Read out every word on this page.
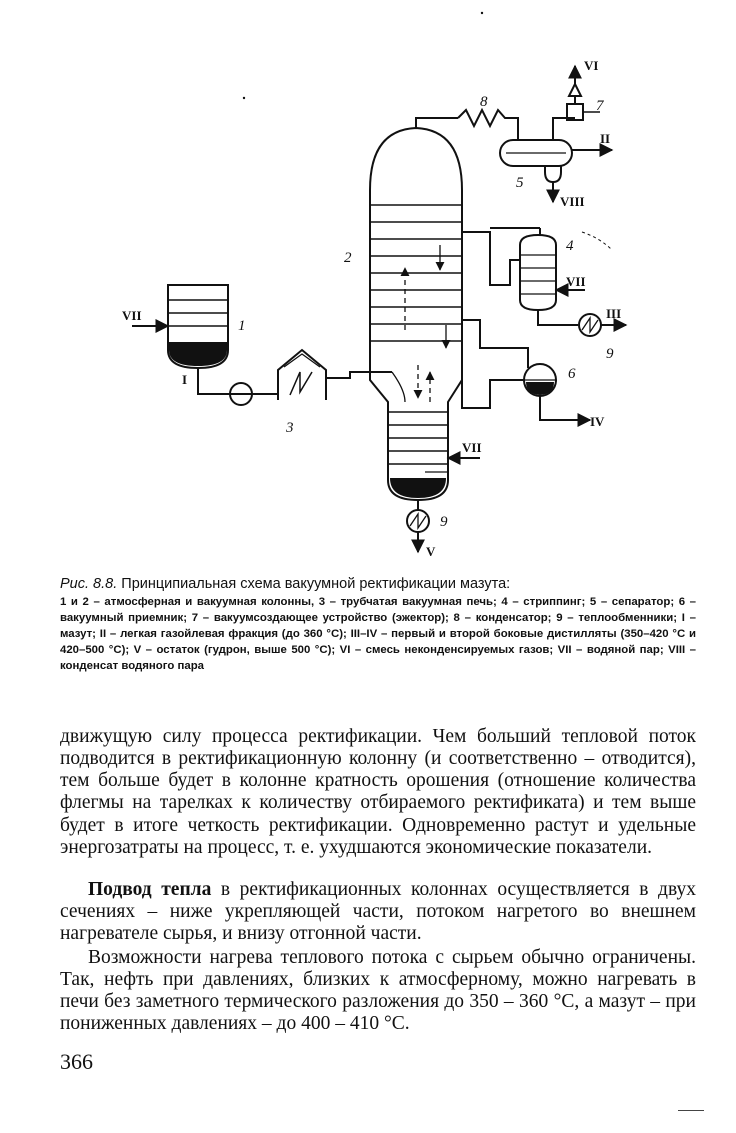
1
2
3
4
5
6
7
8
9
9
I
II
III
IV
V
VI
VII
VII
VII
VIII
Рис. 8.8. Принципиальная схема вакуумной ректификации мазута:
1 и 2 – атмосферная и вакуумная колонны, 3 – трубчатая вакуумная печь; 4 – стриппинг; 5 – сепаратор; 6 – вакуумный приемник; 7 – вакуумсоздающее устройство (эжектор); 8 – конденсатор; 9 – теплообменники; I – мазут; II – легкая газойлевая фракция (до 360 °C); III–IV – первый и второй боковые дистилляты (350–420 °C и 420–500 °C); V – остаток (гудрон, выше 500 °C); VI – смесь неконденсируемых газов; VII – водяной пар; VIII – конденсат водяного пара

движущую силу процесса ректификации. Чем больший тепловой поток подводится в ректификационную колонну (и соответственно – отводится), тем больше будет в колонне кратность орошения (отношение количества флегмы на тарелках к количеству отбираемого ректификата) и тем выше будет в итоге четкость ректификации. Одновременно растут и удельные энергозатраты на процесс, т. е. ухудшаются экономические показатели.

Подвод тепла в ректификационных колоннах осуществляется в двух сечениях – ниже укрепляющей части, потоком нагретого во внешнем нагревателе сырья, и внизу отгонной части.

Возможности нагрева теплового потока с сырьем обычно ограничены. Так, нефть при давлениях, близких к атмосферному, можно нагревать в печи без заметного термического разложения до 350 – 360 °C, а мазут – при пониженных давлениях – до 400 – 410 °C.

366
